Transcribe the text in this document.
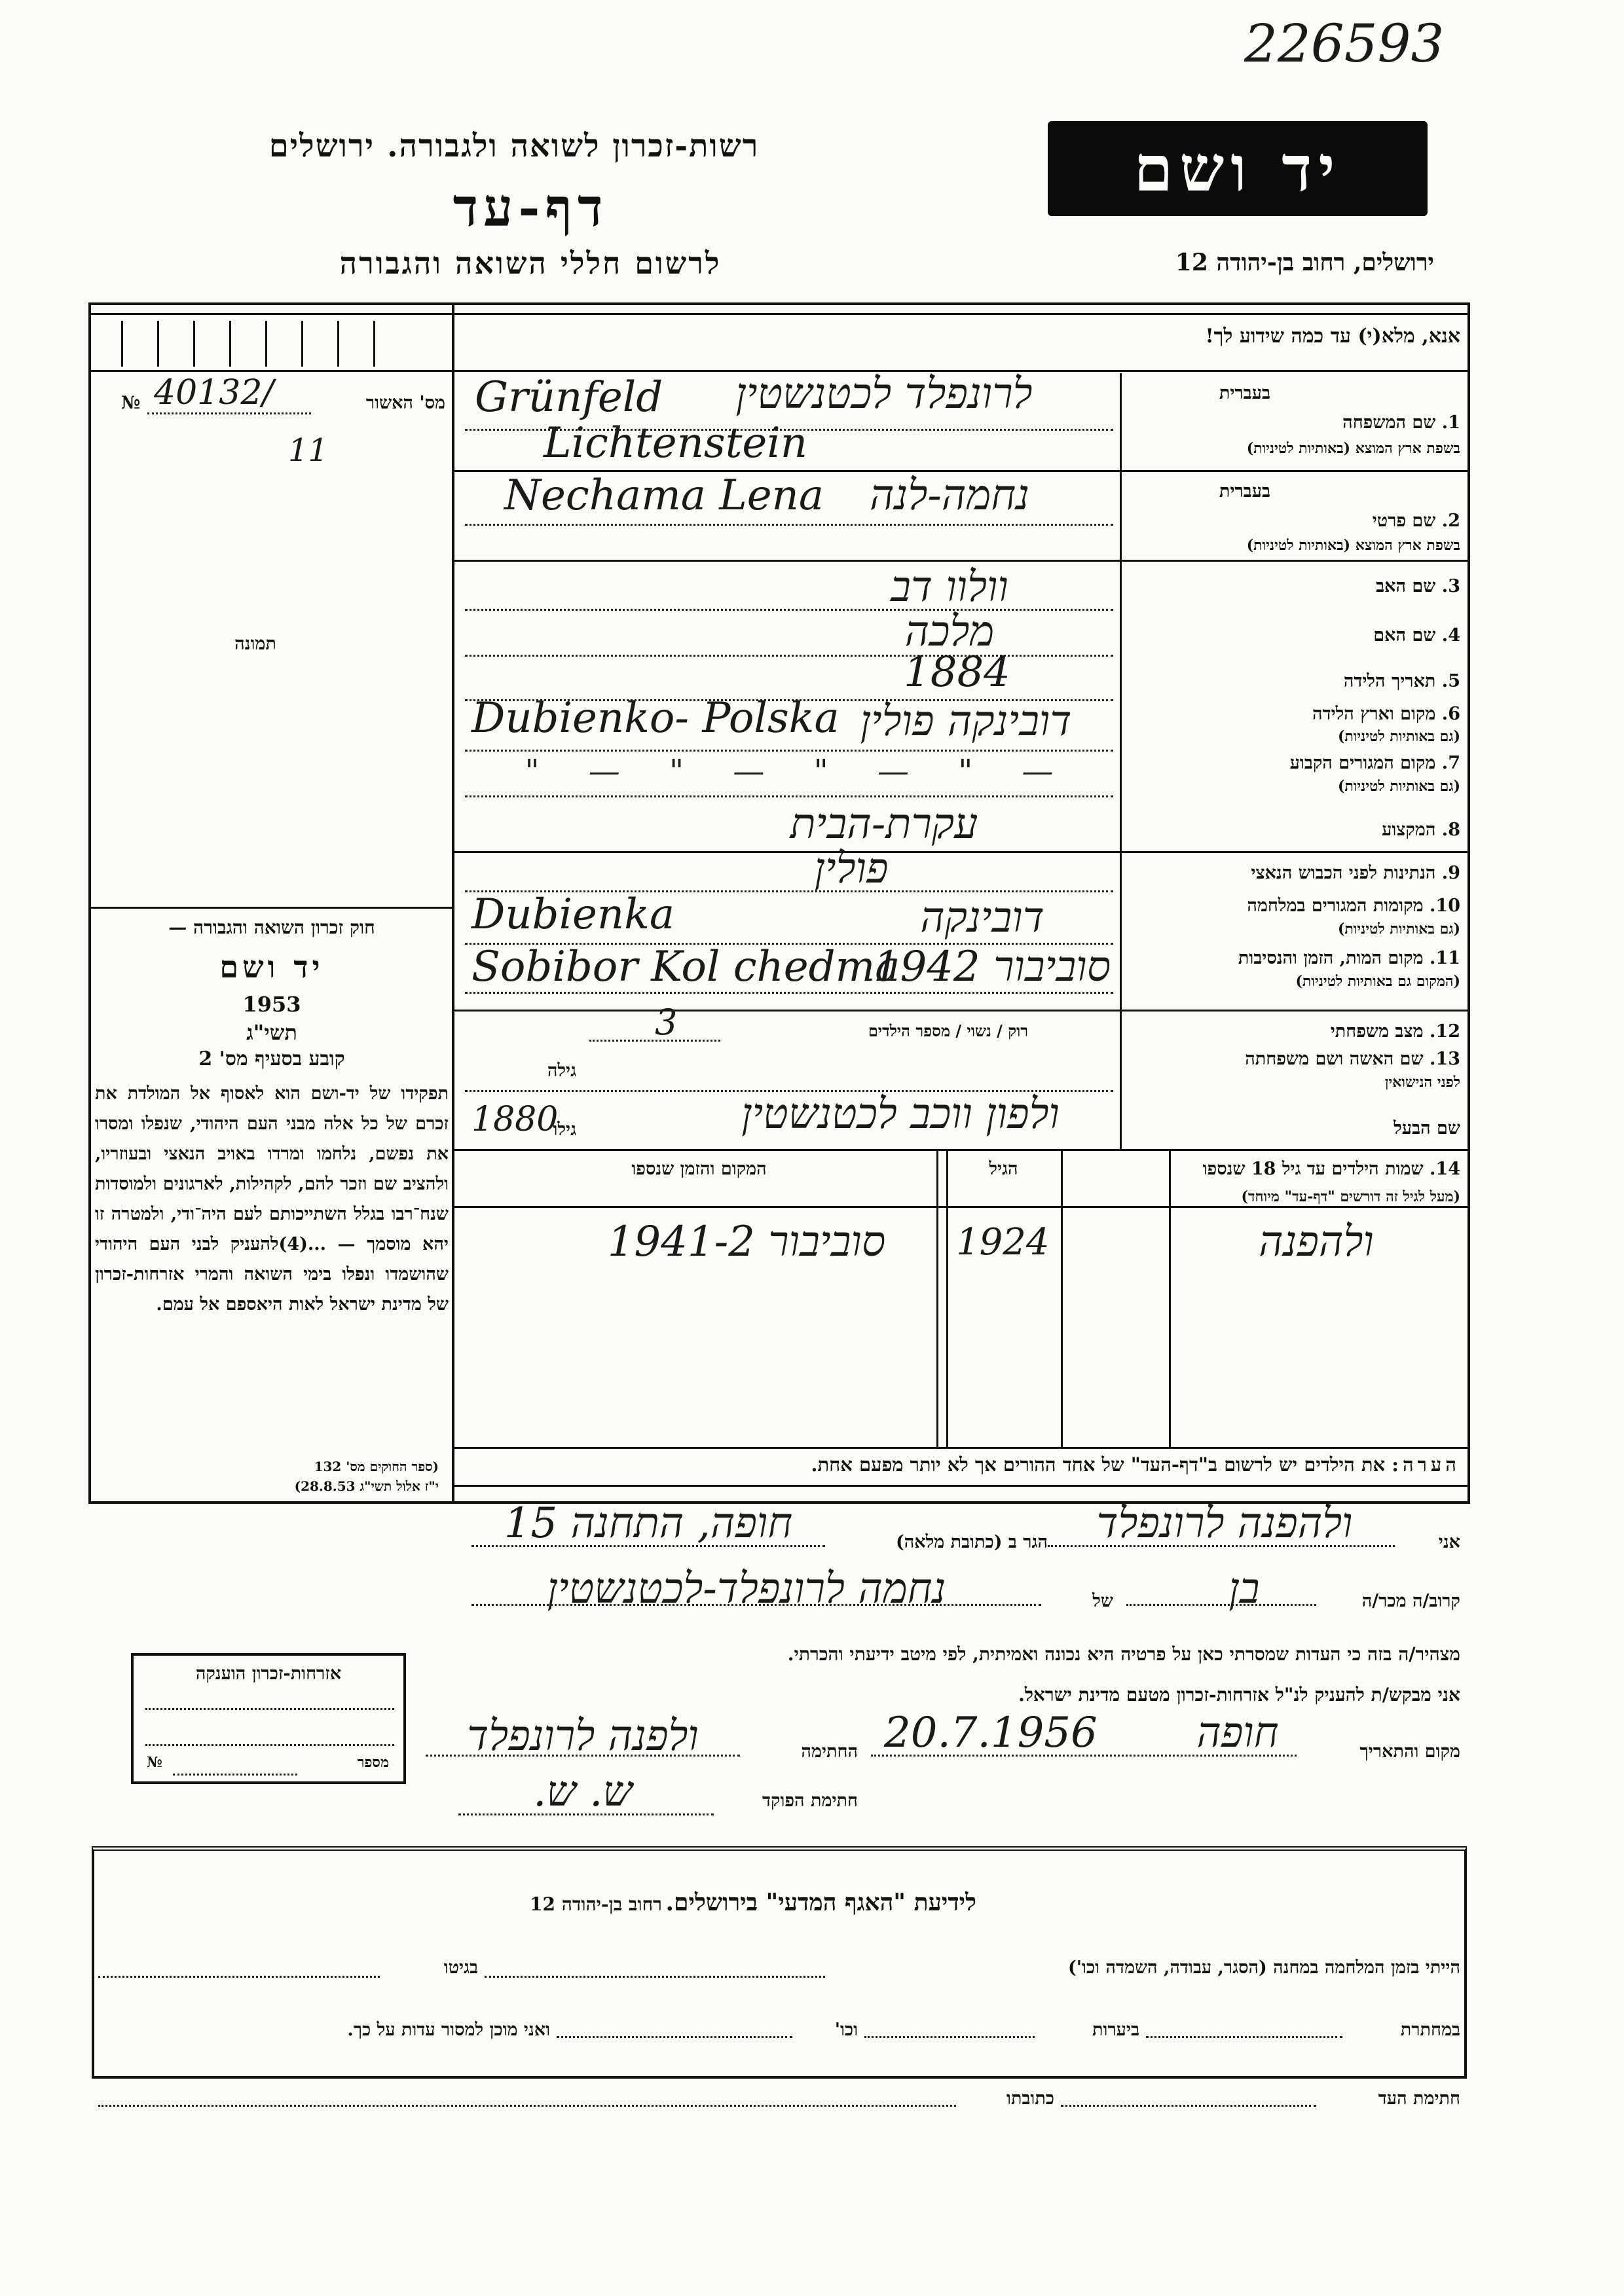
226593
רשות-זכרון לשואה ולגבורה. ירושלים
דף-עד
לרשום חללי השואה והגבורה
יד ושם
ירושלים, רחוב בן-יהודה 12
מס' האשור
№ 40132/
11
תמונה
חוק זכרון השואה והגבורה —
יד ושם
1953
תשי"ג
קובע בסעיף מס' 2
תפקידו של יד-ושם הוא לאסוף אל המולדת את זכרם של כל אלה מבני העם היהודי, שנפלו ומסרו את נפשם, נלחמו ומרדו באויב הנאצי ובעוזריו, ולהציב שם וזכר להם, לקהילות, לארגונים ולמוסדות שנח־רבו בגלל השתייכותם לעם היה־ודי, ולמטרה זו יהא מוסמך — ...(4)להעניק לבני העם היהודי שהושמדו ונפלו בימי השואה והמרי אזרחות-זכרון של מדינת ישראל לאות היאספם אל עמם.
(ספר החוקים מס' 132
י"ז אלול תשי"ג 28.8.53)
אנא, מלא(י) עד כמה שידוע לך!
בעברית
1. שם המשפחה
בשפת ארץ המוצא (באותיות לטיניות)
לרונפלד לכטנשטין
Grünfeld
Lichtenstein
בעברית
2. שם פרטי
בשפת ארץ המוצא (באותיות לטיניות)
נחמה-לנה
Nechama Lena
3. שם האב
וולוו דב
4. שם האם
מלכה
5. תאריך הלידה
1884
6. מקום וארץ הלידה
(גם באותיות לטיניות)
דובינקה פולין
Dubienko- Polska
7. מקום המגורים הקבוע
(גם באותיות לטיניות)
— " — " — " — "
8. המקצוע
עקרת-הבית
9. הנתינות לפני הכבוש הנאצי
פולין
10. מקומות המגורים במלחמה
(גם באותיות לטיניות)
דובינקה
Dubienka
11. מקום המות, הזמן והנסיבות
(המקום גם באותיות לטיניות)
סוביבור 1942
Sobibor Kol chedma
12. מצב משפחתי
רוק / נשוי / מספר הילדים
3
13. שם האשה ושם משפחתה
לפני הנישואין
גילה
שם הבעל
גילו
1880	ולפון ווכב לכטנשטין
14. שמות הילדים עד גיל 18 שנספו
(מעל לגיל זה דורשים "דף-עד" מיוחד)
הגיל
המקום והזמן שנספו
ולהפנה
1924
סוביבור 1941-2
הערה: את הילדים יש לרשום ב"דף-העד" של אחד ההורים אך לא יותר מפעם אחת.
אני
ולהפנה לרונפלד
הגר ב (כתובת מלאה)
חופה, התחנה 15
קרוב/ה מכר/ה
בן
של
נחמה לרונפלד-לכטנשטין
מצהיר/ה בזה כי העדות שמסרתי כאן על פרטיה היא נכונה ואמיתית, לפי מיטב ידיעתי והכרתי.
אני מבקש/ת להעניק לנ"ל אזרחות-זכרון מטעם מדינת ישראל.
מקום והתאריך
חופה
20.7.1956
החתימה
ולפנה לרונפלד
חתימת הפוקד
ש. ש.
אזרחות-זכרון הוענקה
№	מספר
לידיעת "האגף המדעי" בירושלים. רחוב בן-יהודה 12
הייתי בזמן המלחמה במחנה (הסגר, עבודה, השמדה וכו')
בגיטו
במחתרת
ביערות
וכו'
ואני מוכן למסור עדות על כך.
חתימת העד
כתובתו
